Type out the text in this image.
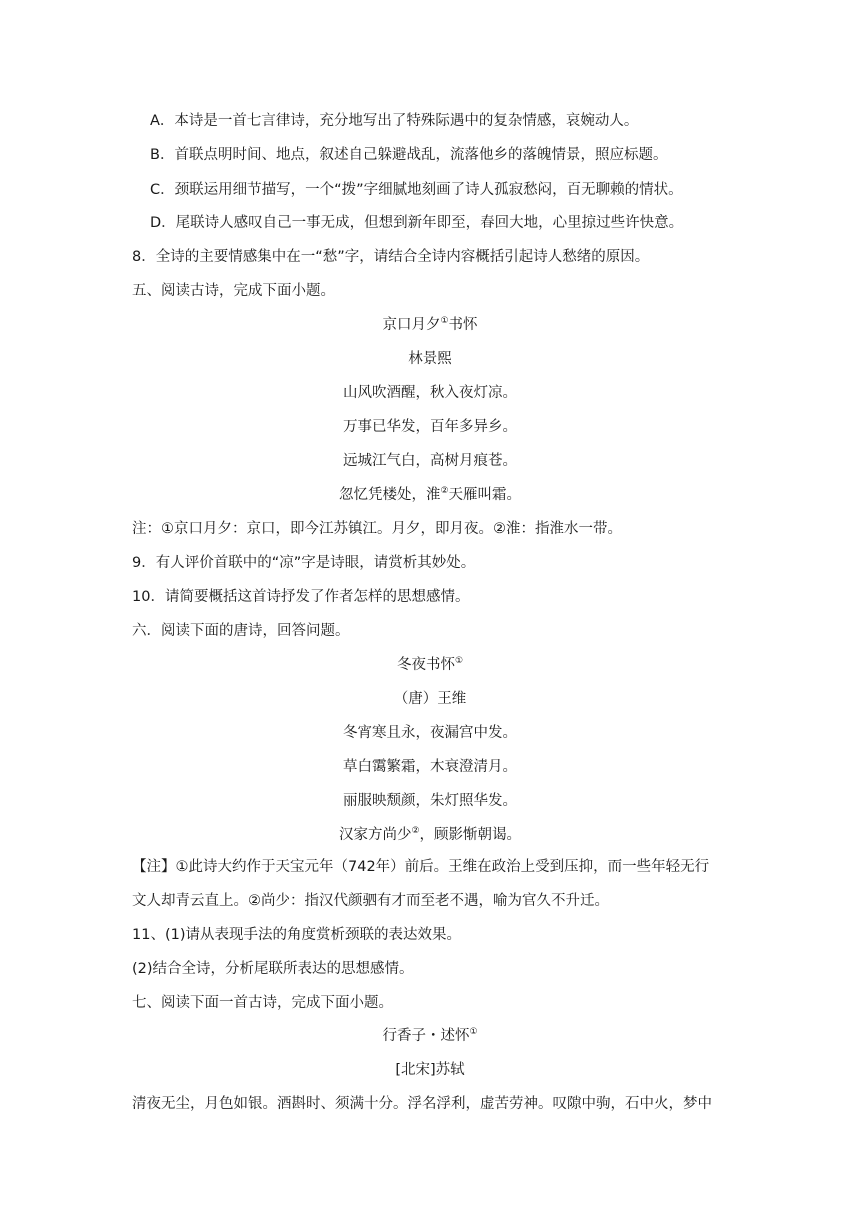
A．本诗是一首七言律诗，充分地写出了特殊际遇中的复杂情感，哀婉动人。
B．首联点明时间、地点，叙述自己躲避战乱，流落他乡的落魄情景，照应标题。
C．颈联运用细节描写，一个“拨”字细腻地刻画了诗人孤寂愁闷，百无聊赖的情状。
D．尾联诗人感叹自己一事无成，但想到新年即至，春回大地，心里掠过些许快意。
8．全诗的主要情感集中在一“愁”字，请结合全诗内容概括引起诗人愁绪的原因。
五、阅读古诗，完成下面小题。
京口月夕①书怀
林景熙
山风吹酒醒，秋入夜灯凉。
万事已华发，百年多异乡。
远城江气白，高树月痕苍。
忽忆凭楼处，淮②天雁叫霜。
注：①京口月夕：京口，即今江苏镇江。月夕，即月夜。②淮：指淮水一带。
9．有人评价首联中的“凉”字是诗眼，请赏析其妙处。
10．请简要概括这首诗抒发了作者怎样的思想感情。
六．阅读下面的唐诗，回答问题。
冬夜书怀①
（唐）王维
冬宵寒且永，夜漏宫中发。
草白霭繁霜，木衰澄清月。
丽服映颓颜，朱灯照华发。
汉家方尚少②，顾影惭朝谒。
【注】①此诗大约作于天宝元年（742年）前后。王维在政治上受到压抑，而一些年轻无行
文人却青云直上。②尚少：指汉代颜驷有才而至老不遇，喻为官久不升迁。
11、(1)请从表现手法的角度赏析颈联的表达效果。
(2)结合全诗，分析尾联所表达的思想感情。
七、阅读下面一首古诗，完成下面小题。
行香子・述怀①
[北宋]苏轼
清夜无尘，月色如银。酒斟时、须满十分。浮名浮利，虚苦劳神。叹隙中驹，石中火，梦中
